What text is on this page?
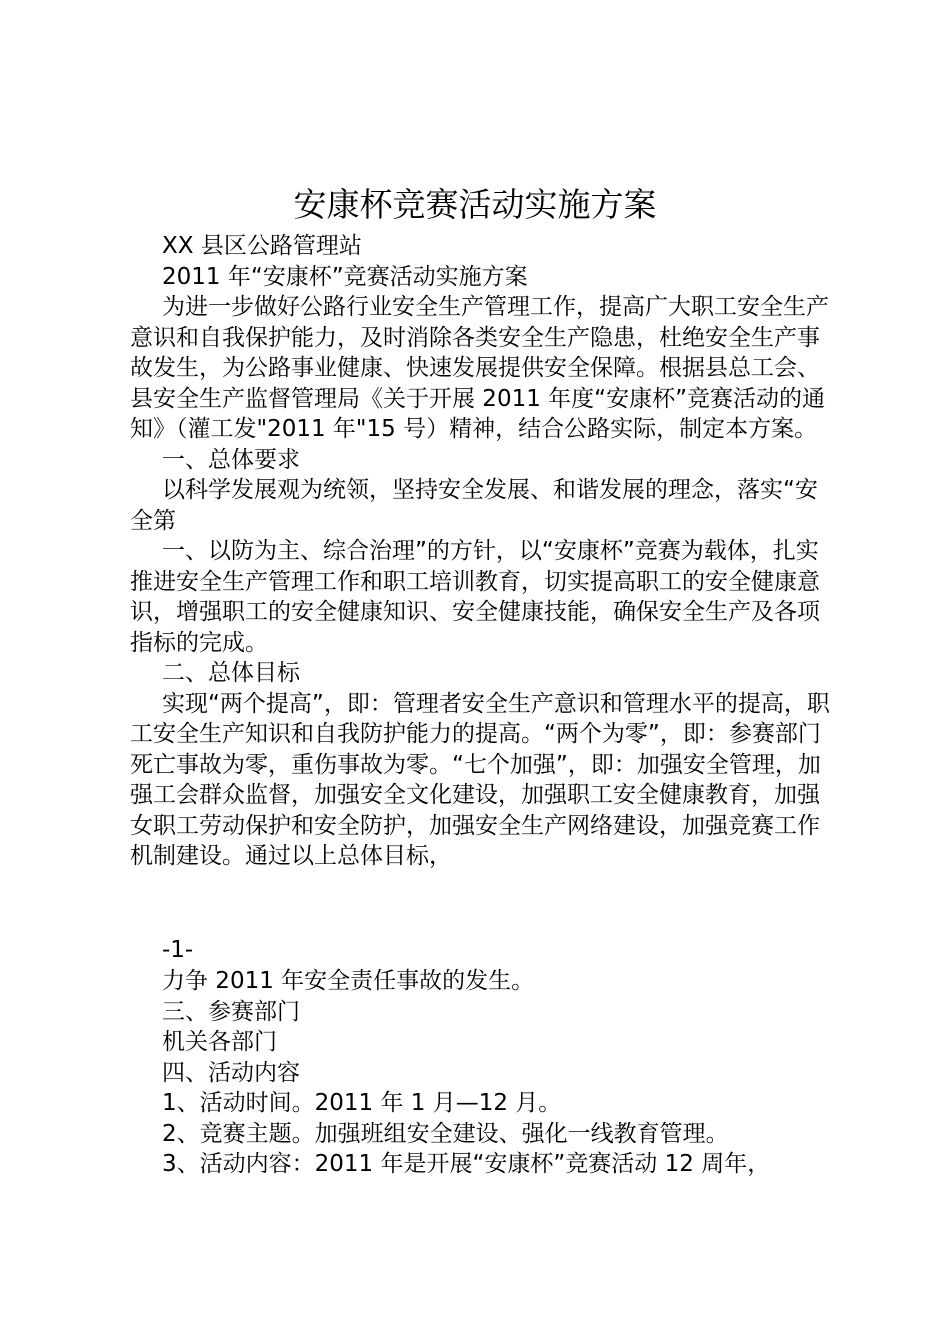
安康杯竞赛活动实施方案

XX 县区公路管理站

2011 年“安康杯”竞赛活动实施方案

为进一步做好公路行业安全生产管理工作，提高广大职工安全生产意识和自我保护能力，及时消除各类安全生产隐患，杜绝安全生产事故发生，为公路事业健康、快速发展提供安全保障。根据县总工会、县安全生产监督管理局《关于开展 2011 年度“安康杯”竞赛活动的通知》（灌工发"2011 年"15 号）精神，结合公路实际，制定本方案。

一、总体要求

以科学发展观为统领，坚持安全发展、和谐发展的理念，落实“安全第

一、以防为主、综合治理”的方针，以“安康杯”竞赛为载体，扎实推进安全生产管理工作和职工培训教育，切实提高职工的安全健康意识，增强职工的安全健康知识、安全健康技能，确保安全生产及各项指标的完成。

二、总体目标

实现“两个提高”，即：管理者安全生产意识和管理水平的提高，职工安全生产知识和自我防护能力的提高。“两个为零”，即：参赛部门死亡事故为零，重伤事故为零。“七个加强”，即：加强安全管理，加强工会群众监督，加强安全文化建设，加强职工安全健康教育，加强女职工劳动保护和安全防护，加强安全生产网络建设，加强竞赛工作机制建设。通过以上总体目标，

-1-

力争 2011 年安全责任事故的发生。

三、参赛部门

机关各部门

四、活动内容

1、活动时间。2011 年 1 月—12 月。

2、竞赛主题。加强班组安全建设、强化一线教育管理。

3、活动内容：2011 年是开展“安康杯”竞赛活动 12 周年，
